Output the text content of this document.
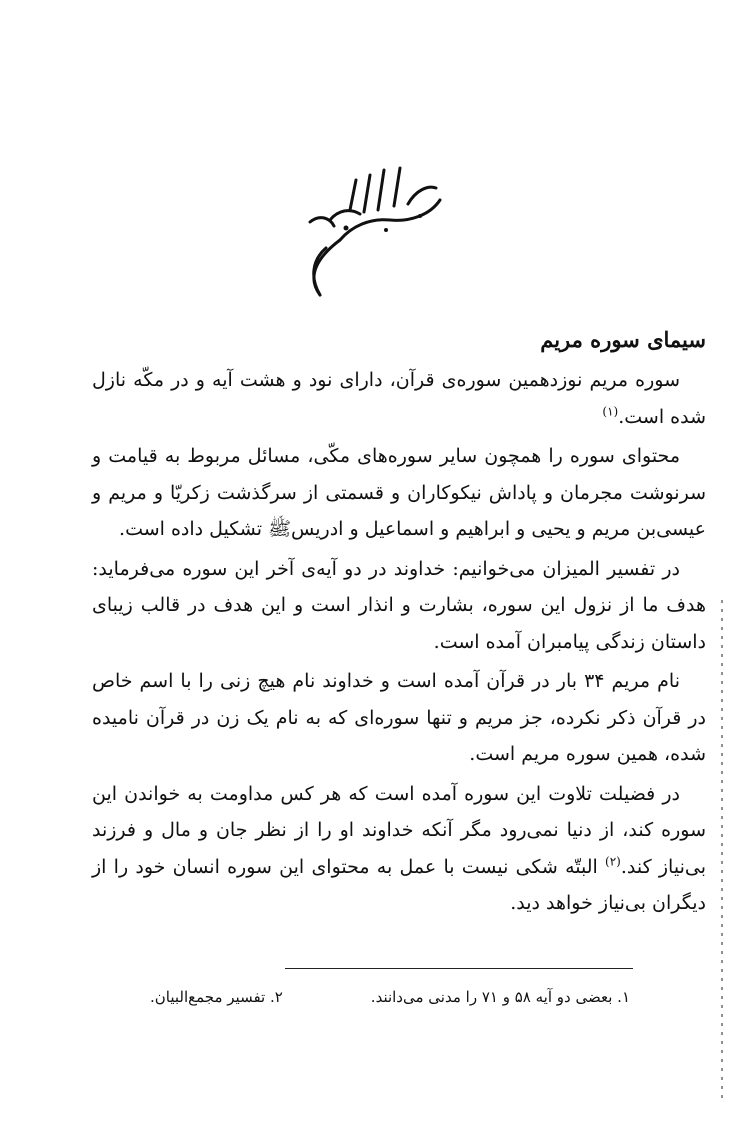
سیمای سوره مریم

سوره مریم نوزدهمین سوره‌ی قرآن، دارای نود و هشت آیه و در مکّه نازل شده است.$^{(۱)}$

محتوای سوره را همچون سایر سوره‌های مکّی، مسائل مربوط به قیامت و سرنوشت مجرمان و پاداش نیکوکاران و قسمتی از سرگذشت زکریّا و مریم و عیسی‌بن مریم و یحیی و ابراهیم و اسماعیل و ادریس‌ﷺ تشکیل داده است.

در تفسیر المیزان می‌خوانیم: خداوند در دو آیه‌ی آخر این سوره می‌فرماید: هدف ما از نزول این سوره، بشارت و انذار است و این هدف در قالب زیبای داستان زندگی پیامبران آمده است.

نام مریم ۳۴ بار در قرآن آمده است و خداوند نام هیچ زنی را با اسم خاص در قرآن ذکر نکرده، جز مریم و تنها سوره‌ای که به نام یک زن در قرآن نامیده شده، همین سوره مریم است.

در فضیلت تلاوت این سوره آمده است که هر کس مداومت به خواندن این سوره کند، از دنیا نمی‌رود مگر آنکه خداوند او را از نظر جان و مال و فرزند بی‌نیاز کند.$^{(۲)}$ البتّه شکی نیست با عمل به محتوای این سوره انسان خود را از دیگران بی‌نیاز خواهد دید.

۱. بعضی دو آیه ۵۸ و ۷۱ را مدنی می‌دانند.
۲. تفسیر مجمع‌البیان.
